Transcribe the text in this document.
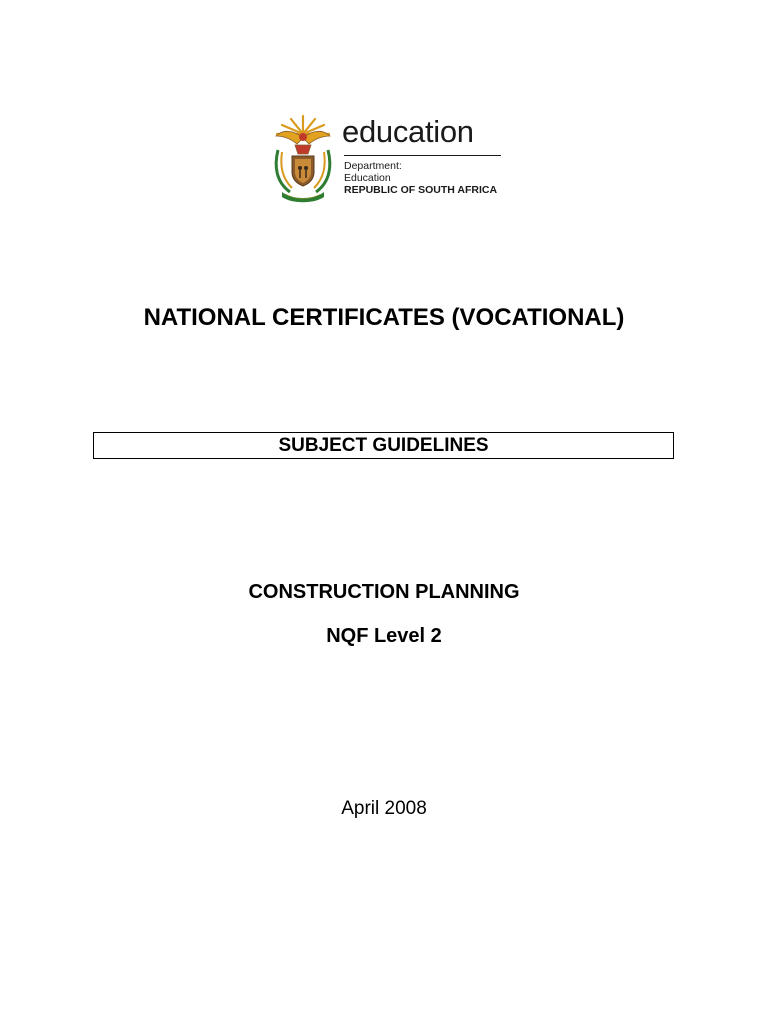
education
Department:
Education
REPUBLIC OF SOUTH AFRICA
NATIONAL CERTIFICATES (VOCATIONAL)
SUBJECT GUIDELINES
CONSTRUCTION PLANNING
NQF Level 2
April 2008
